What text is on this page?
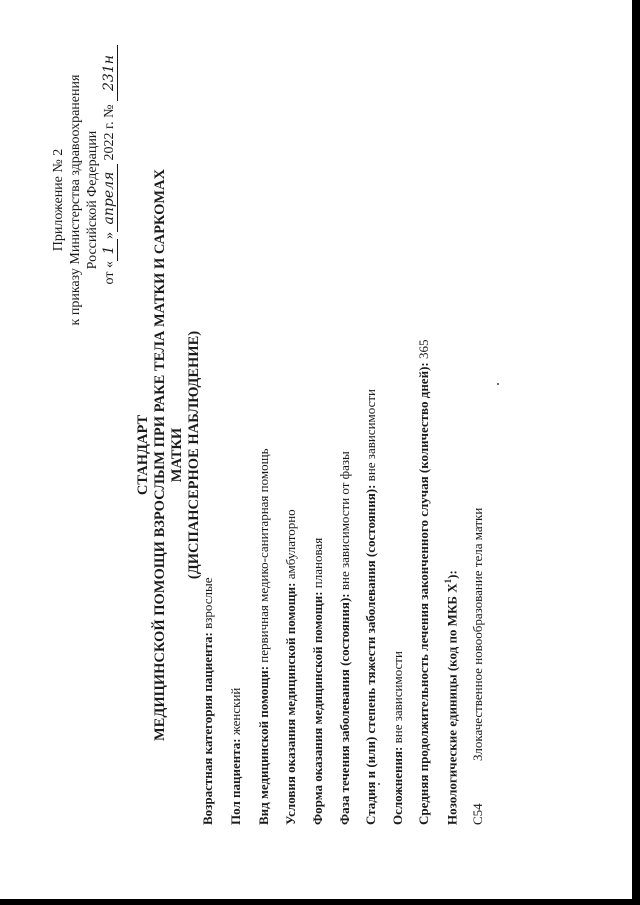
Приложение № 2 к приказу Министерства здравоохранения Российской Федерации
от «1»апреля 2022 г. № 231н
СТАНДАРТ МЕДИЦИНСКОЙ ПОМОЩИ ВЗРОСЛЫМ ПРИ РАКЕ ТЕЛА МАТКИ И САРКОМАХ МАТКИ (ДИСПАНСЕРНОЕ НАБЛЮДЕНИЕ)
Возрастная категория пациента: взрослые
Пол пациента: женский Вид медицинской помощи: первичная медико-санитарная помощь
Условия оказания медицинской помощи: амбулаторно
Форма оказания медицинской помощи: плановая
Фаза течения заболевания (состояния): вне зависимости от фазы Стадия и (или) степень тяжести заболевания (состояния): вне зависимости
Осложнения: вне зависимости Средняя продолжительность лечения законченного случая (количество дней): 365
Нозологические единицы (код по МКБ $X^1$):
C54
Злокачественное новообразование тела матки
